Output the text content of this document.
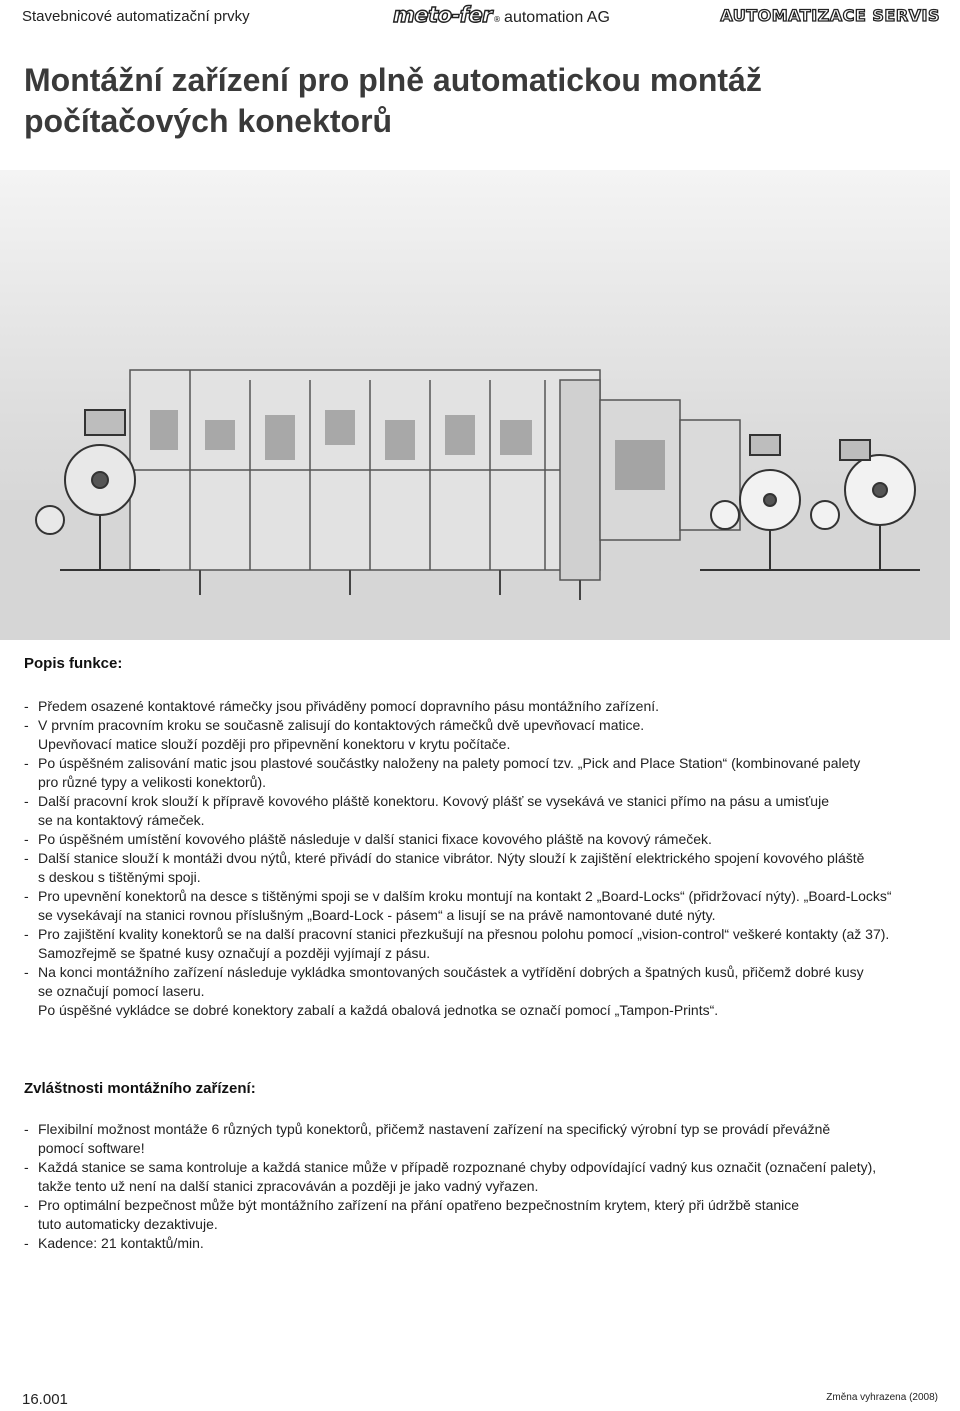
Stavebnicové automatizační prvky	meto-fer ® automation AG	AUTOMATIZACE SERVIS
Montážní zařízení pro plně automatickou montáž
počítačových konektorů
Popis funkce:
- Předem osazené kontaktové rámečky jsou přiváděny pomocí dopravního pásu montážního zařízení.
- V prvním pracovním kroku se současně zalisují do kontaktových rámečků dvě upevňovací matice.
Upevňovací matice slouží později pro připevnění konektoru v krytu počítače.
- Po úspěšném zalisování matic jsou plastové součástky naloženy na palety pomocí tzv. „Pick and Place Station“ (kombinované palety
pro různé typy a velikosti konektorů).
- Další pracovní krok slouží k přípravě kovového pláště konektoru. Kovový plášť se vysekává ve stanici přímo na pásu a umisťuje
se na kontaktový rámeček.
- Po úspěšném umístění kovového pláště následuje v další stanici fixace kovového pláště na kovový rámeček.
- Další stanice slouží k montáži dvou nýtů, které přivádí do stanice vibrátor. Nýty slouží k zajištění elektrického spojení kovového pláště
s deskou s tištěnými spoji.
- Pro upevnění konektorů na desce s tištěnými spoji se v dalším kroku montují na kontakt 2 „Board-Locks“ (přidržovací nýty). „Board-Locks“
se vysekávají na stanici rovnou příslušným „Board-Lock - pásem“ a lisují se na právě namontované duté nýty.
- Pro zajištění kvality konektorů se na další pracovní stanici přezkušují na přesnou polohu pomocí „vision-control“ veškeré kontakty (až 37).
Samozřejmě se špatné kusy označují a později vyjímají z pásu.
- Na konci montážního zařízení následuje vykládka smontovaných součástek a vytřídění dobrých a špatných kusů, přičemž dobré kusy
se označují pomocí laseru.
Po úspěšné vykládce se dobré konektory zabalí a každá obalová jednotka se označí pomocí „Tampon-Prints“.
Zvláštnosti montážního zařízení:
- Flexibilní možnost montáže 6 různých typů konektorů, přičemž nastavení zařízení na specifický výrobní typ se provádí převážně
pomocí software!
- Každá stanice se sama kontroluje a každá stanice může v případě rozpoznané chyby odpovídající vadný kus označit (označení palety),
takže tento už není na další stanici zpracováván a později je jako vadný vyřazen.
- Pro optimální bezpečnost může být montážního zařízení na přání opatřeno bezpečnostním krytem, který při údržbě stanice
tuto automaticky dezaktivuje.
- Kadence: 21 kontaktů/min.
16.001	Změna vyhrazena (2008)
